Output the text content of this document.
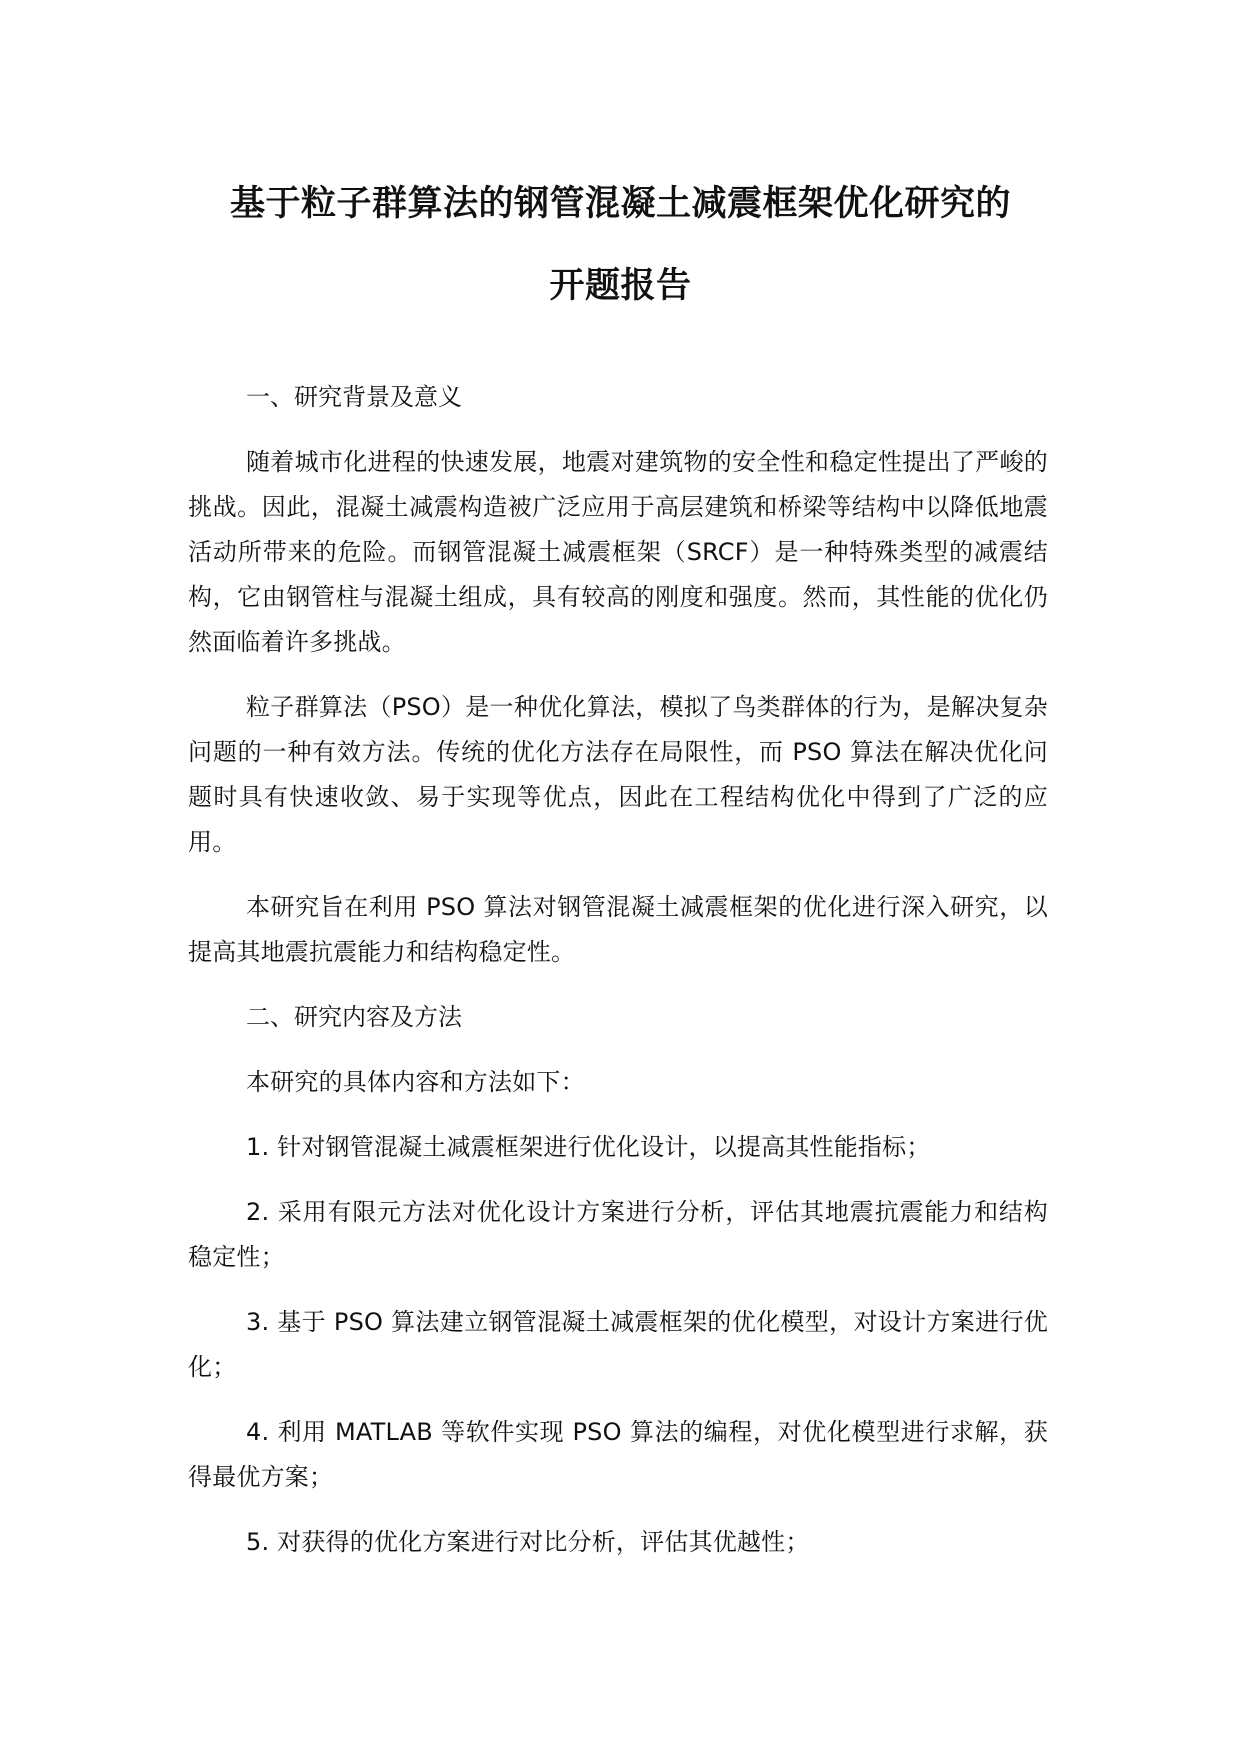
基于粒子群算法的钢管混凝土减震框架优化研究的
开题报告

一、研究背景及意义

随着城市化进程的快速发展，地震对建筑物的安全性和稳定性提出了严峻的挑战。因此，混凝土减震构造被广泛应用于高层建筑和桥梁等结构中以降低地震活动所带来的危险。而钢管混凝土减震框架（SRCF）是一种特殊类型的减震结构，它由钢管柱与混凝土组成，具有较高的刚度和强度。然而，其性能的优化仍然面临着许多挑战。

粒子群算法（PSO）是一种优化算法，模拟了鸟类群体的行为，是解决复杂问题的一种有效方法。传统的优化方法存在局限性，而 PSO 算法在解决优化问题时具有快速收敛、易于实现等优点，因此在工程结构优化中得到了广泛的应用。

本研究旨在利用 PSO 算法对钢管混凝土减震框架的优化进行深入研究，以提高其地震抗震能力和结构稳定性。

二、研究内容及方法

本研究的具体内容和方法如下：

1. 针对钢管混凝土减震框架进行优化设计，以提高其性能指标；

2. 采用有限元方法对优化设计方案进行分析，评估其地震抗震能力和结构稳定性；

3. 基于 PSO 算法建立钢管混凝土减震框架的优化模型，对设计方案进行优化；

4. 利用 MATLAB 等软件实现 PSO 算法的编程，对优化模型进行求解，获得最优方案；

5. 对获得的优化方案进行对比分析，评估其优越性；
